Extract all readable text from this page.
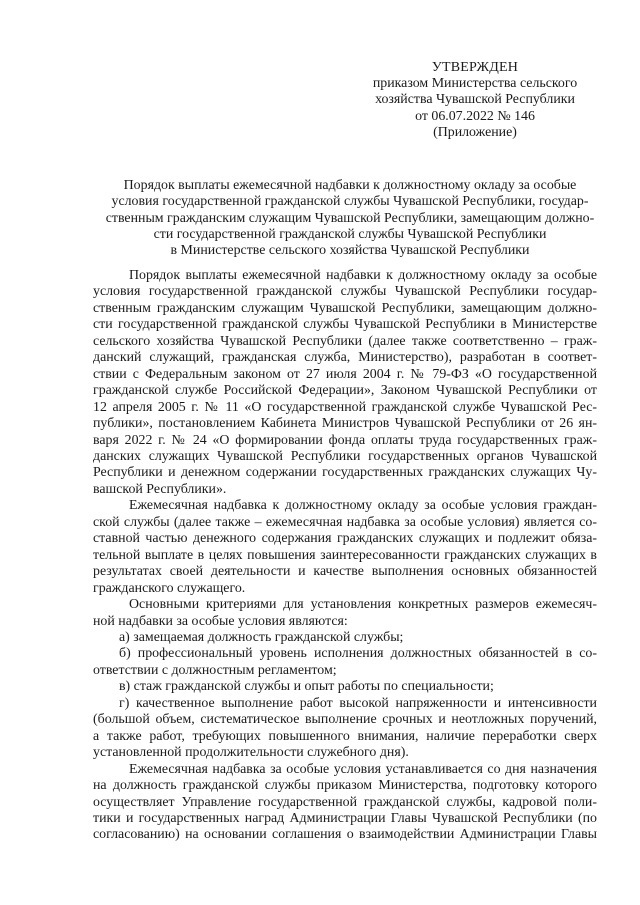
УТВЕРЖДЕН
приказом Министерства сельского
хозяйства Чувашской Республики
от 06.07.2022 № 146
(Приложение)
Порядок выплаты ежемесячной надбавки к должностному окладу за особые
условия государственной гражданской службы Чувашской Республики, государ-
ственным гражданским служащим Чувашской Республики, замещающим должно-
сти государственной гражданской службы Чувашской Республики
в Министерстве сельского хозяйства Чувашской Республики
Порядок выплаты ежемесячной надбавки к должностному окладу за особые
условия государственной гражданской службы Чувашской Республики государ-
ственным гражданским служащим Чувашской Республики, замещающим должно-
сти государственной гражданской службы Чувашской Республики в Министерстве
сельского хозяйства Чувашской Республики (далее также соответственно – граж-
данский служащий, гражданская служба, Министерство), разработан в соответ-
ствии с Федеральным законом от 27 июля 2004 г. № 79-ФЗ «О государственной
гражданской службе Российской Федерации», Законом Чувашской Республики от
12 апреля 2005 г. № 11 «О государственной гражданской службе Чувашской Рес-
публики», постановлением Кабинета Министров Чувашской Республики от 26 ян-
варя 2022 г. № 24 «О формировании фонда оплаты труда государственных граж-
данских служащих Чувашской Республики государственных органов Чувашской
Республики и денежном содержании государственных гражданских служащих Чу-
вашской Республики».
Ежемесячная надбавка к должностному окладу за особые условия граждан-
ской службы (далее также – ежемесячная надбавка за особые условия) является со-
ставной частью денежного содержания гражданских служащих и подлежит обяза-
тельной выплате в целях повышения заинтересованности гражданских служащих в
результатах своей деятельности и качестве выполнения основных обязанностей
гражданского служащего.
Основными критериями для установления конкретных размеров ежемесяч-
ной надбавки за особые условия являются:
а) замещаемая должность гражданской службы;
б) профессиональный уровень исполнения должностных обязанностей в со-
ответствии с должностным регламентом;
в) стаж гражданской службы и опыт работы по специальности;
г) качественное выполнение работ высокой напряженности и интенсивности
(большой объем, систематическое выполнение срочных и неотложных поручений,
а также работ, требующих повышенного внимания, наличие переработки сверх
установленной продолжительности служебного дня).
Ежемесячная надбавка за особые условия устанавливается со дня назначения
на должность гражданской службы приказом Министерства, подготовку которого
осуществляет Управление государственной гражданской службы, кадровой поли-
тики и государственных наград Администрации Главы Чувашской Республики (по
согласованию) на основании соглашения о взаимодействии Администрации Главы
